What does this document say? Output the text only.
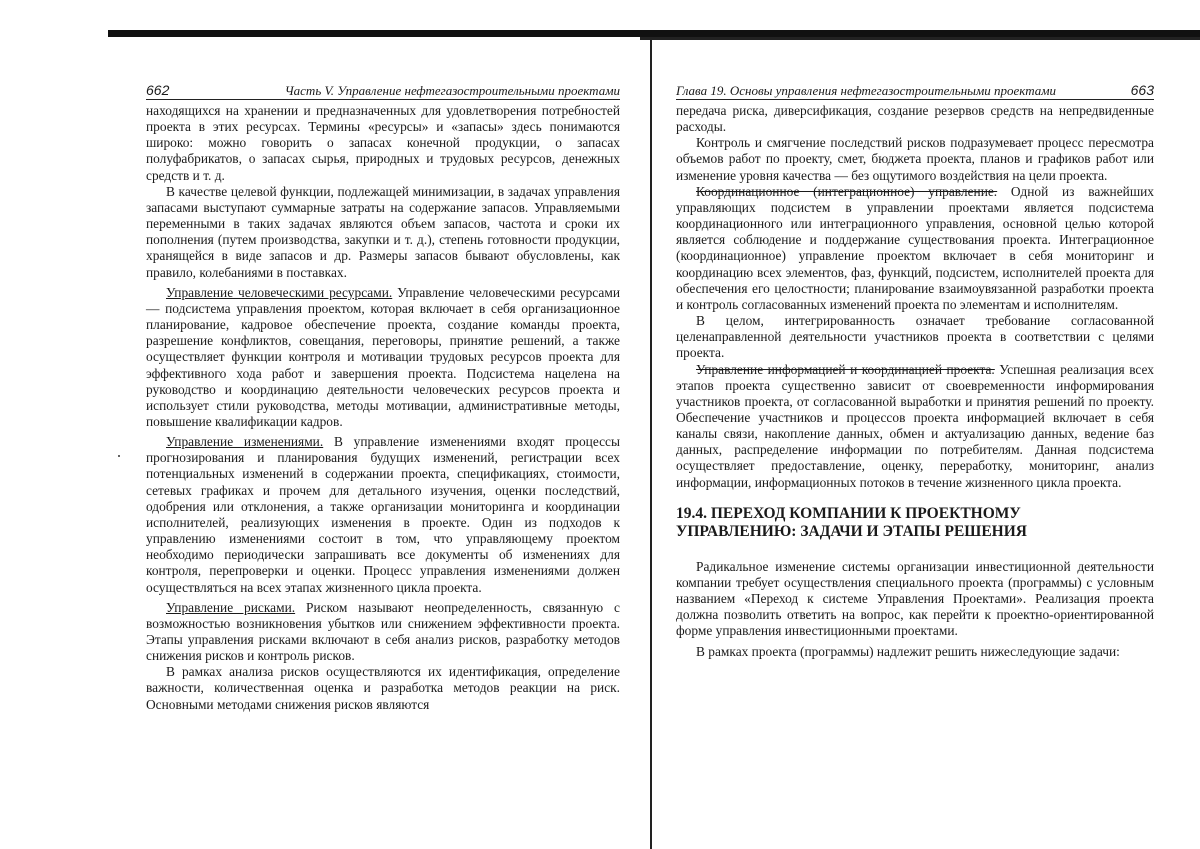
662	Часть V. Управление нефтегазостроительными проектами

находящихся на хранении и предназначенных для удовлетворения потребностей проекта в этих ресурсах. Термины «ресурсы» и «запасы» здесь понимаются широко: можно говорить о запасах конечной продукции, о запасах полуфабрикатов, о запасах сырья, природных и трудовых ресурсов, денежных средств и т. д.

В качестве целевой функции, подлежащей минимизации, в задачах управления запасами выступают суммарные затраты на содержание запасов. Управляемыми переменными в таких задачах являются объем запасов, частота и сроки их пополнения (путем производства, закупки и т. д.), степень готовности продукции, хранящейся в виде запасов и др. Размеры запасов бывают обусловлены, как правило, колебаниями в поставках.

Управление человеческими ресурсами. Управление человеческими ресурсами — подсистема управления проектом, которая включает в себя организационное планирование, кадровое обеспечение проекта, создание команды проекта, разрешение конфликтов, совещания, переговоры, принятие решений, а также осуществляет функции контроля и мотивации трудовых ресурсов проекта для эффективного хода работ и завершения проекта. Подсистема нацелена на руководство и координацию деятельности человеческих ресурсов проекта и использует стили руководства, методы мотивации, административные методы, повышение квалификации кадров.

Управление изменениями. В управление изменениями входят процессы прогнозирования и планирования будущих изменений, регистрации всех потенциальных изменений в содержании проекта, спецификациях, стоимости, сетевых графиках и прочем для детального изучения, оценки последствий, одобрения или отклонения, а также организации мониторинга и координации исполнителей, реализующих изменения в проекте. Один из подходов к управлению изменениями состоит в том, что управляющему проектом необходимо периодически запрашивать все документы об изменениях для контроля, перепроверки и оценки. Процесс управления изменениями должен осуществляться на всех этапах жизненного цикла проекта.

Управление рисками. Риском называют неопределенность, связанную с возможностью возникновения убытков или снижением эффективности проекта. Этапы управления рисками включают в себя анализ рисков, разработку методов снижения рисков и контроль рисков.

В рамках анализа рисков осуществляются их идентификация, определение важности, количественная оценка и разработка методов реакции на риск. Основными методами снижения рисков являются

Глава 19. Основы управления нефтегазостроительными проектами	663

передача риска, диверсификация, создание резервов средств на непредвиденные расходы.

Контроль и смягчение последствий рисков подразумевает процесс пересмотра объемов работ по проекту, смет, бюджета проекта, планов и графиков работ или изменение уровня качества — без ощутимого воздействия на цели проекта.

Координационное (интеграционное) управление. Одной из важнейших управляющих подсистем в управлении проектами является подсистема координационного или интеграционного управления, основной целью которой является соблюдение и поддержание существования проекта. Интеграционное (координационное) управление проектом включает в себя мониторинг и координацию всех элементов, фаз, функций, подсистем, исполнителей проекта для обеспечения его целостности; планирование взаимоувязанной разработки проекта и контроль согласованных изменений проекта по элементам и исполнителям.

В целом, интегрированность означает требование согласованной целенаправленной деятельности участников проекта в соответствии с целями проекта.

Управление информацией и координацией проекта. Успешная реализация всех этапов проекта существенно зависит от своевременности информирования участников проекта, от согласованной выработки и принятия решений по проекту. Обеспечение участников и процессов проекта информацией включает в себя каналы связи, накопление данных, обмен и актуализацию данных, ведение баз данных, распределение информации по потребителям. Данная подсистема осуществляет предоставление, оценку, переработку, мониторинг, анализ информации, информационных потоков в течение жизненного цикла проекта.

19.4. ПЕРЕХОД КОМПАНИИ К ПРОЕКТНОМУ
УПРАВЛЕНИЮ: ЗАДАЧИ И ЭТАПЫ РЕШЕНИЯ

Радикальное изменение системы организации инвестиционной деятельности компании требует осуществления специального проекта (программы) с условным названием «Переход к системе Управления Проектами». Реализация проекта должна позволить ответить на вопрос, как перейти к проектно-ориентированной форме управления инвестиционными проектами.

В рамках проекта (программы) надлежит решить нижеследующие задачи:
